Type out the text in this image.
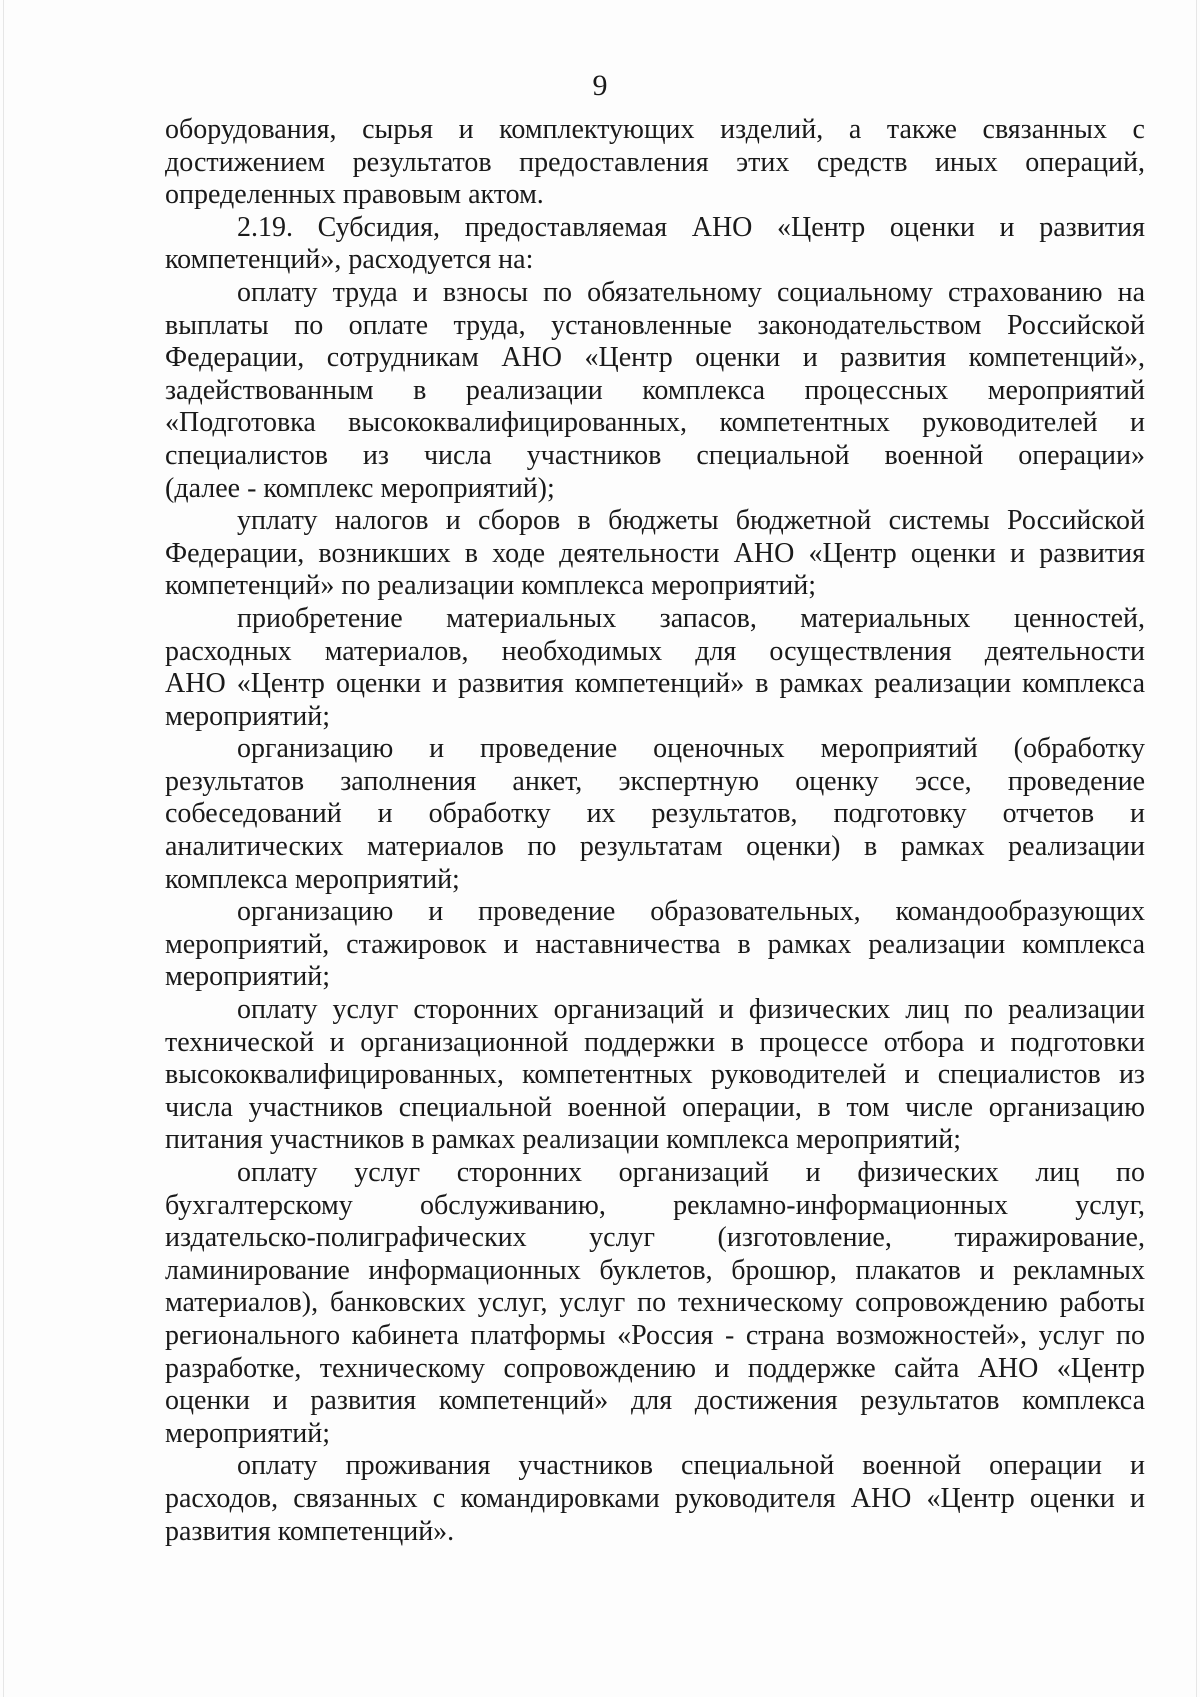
9
оборудования, сырья и комплектующих изделий, а также связанных с
достижением результатов предоставления этих средств иных операций,
определенных правовым актом.
2.19. Субсидия, предоставляемая АНО «Центр оценки и развития
компетенций», расходуется на:
оплату труда и взносы по обязательному социальному страхованию на
выплаты по оплате труда, установленные законодательством Российской
Федерации, сотрудникам АНО «Центр оценки и развития компетенций»,
задействованным в реализации комплекса процессных мероприятий
«Подготовка высококвалифицированных, компетентных руководителей и
специалистов из числа участников специальной военной операции»
(далее - комплекс мероприятий);
уплату налогов и сборов в бюджеты бюджетной системы Российской
Федерации, возникших в ходе деятельности АНО «Центр оценки и развития
компетенций» по реализации комплекса мероприятий;
приобретение материальных запасов, материальных ценностей,
расходных материалов, необходимых для осуществления деятельности
АНО «Центр оценки и развития компетенций» в рамках реализации комплекса
мероприятий;
организацию и проведение оценочных мероприятий (обработку
результатов заполнения анкет, экспертную оценку эссе, проведение
собеседований и обработку их результатов, подготовку отчетов и
аналитических материалов по результатам оценки) в рамках реализации
комплекса мероприятий;
организацию и проведение образовательных, командообразующих
мероприятий, стажировок и наставничества в рамках реализации комплекса
мероприятий;
оплату услуг сторонних организаций и физических лиц по реализации
технической и организационной поддержки в процессе отбора и подготовки
высококвалифицированных, компетентных руководителей и специалистов из
числа участников специальной военной операции, в том числе организацию
питания участников в рамках реализации комплекса мероприятий;
оплату услуг сторонних организаций и физических лиц по
бухгалтерскому обслуживанию, рекламно-информационных услуг,
издательско-полиграфических услуг (изготовление, тиражирование,
ламинирование информационных буклетов, брошюр, плакатов и рекламных
материалов), банковских услуг, услуг по техническому сопровождению работы
регионального кабинета платформы «Россия - страна возможностей», услуг по
разработке, техническому сопровождению и поддержке сайта АНО «Центр
оценки и развития компетенций» для достижения результатов комплекса
мероприятий;
оплату проживания участников специальной военной операции и
расходов, связанных с командировками руководителя АНО «Центр оценки и
развития компетенций».
